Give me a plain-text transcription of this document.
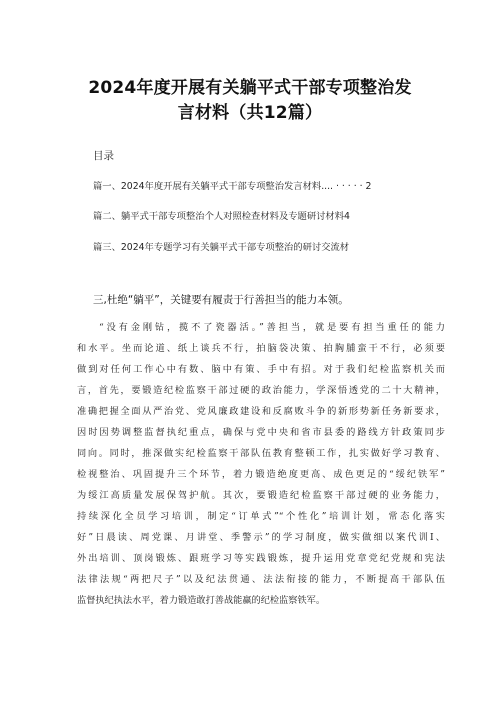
2024年度开展有关躺平式干部专项整治发
言材料（共12篇）
目录
篇一、2024年度开展有关躺平式干部专项整治发言材料.... · · · · · 2
篇二、躺平式干部专项整治个人对照检查材料及专题研讨材料4
篇三、2024年专题学习有关躺平式干部专项整治的研讨交流材
三,杜绝“躺平”，关键要有履责于行善担当的能力本领。
“没有金刚钻，揽不了瓷器活。”善担当，就是要有担当重任的能力
和水平。坐而论道、纸上谈兵不行，拍脑袋决策、拍胸脯蛮干不行，必须要
做到对任何工作心中有数、脑中有策、手中有招。对于我们纪检监察机关而
言，首先，要锻造纪检监察干部过硬的政治能力，学深悟透党的二十大精神，
准确把握全面从严治党、党风廉政建设和反腐败斗争的新形势新任务新要求，
因时因势调整监督执纪重点，确保与党中央和省市县委的路线方针政策同步
同向。同时，推深做实纪检监察干部队伍教育整顿工作，扎实做好学习教育、
检视整治、巩固提升三个环节，着力锻造绝度更高、成色更足的“绥纪铁军”
为绥江高质量发展保驾护航。其次，要锻造纪检监察干部过硬的业务能力，
持续深化全员学习培训，制定“订单式”“个性化”培训计划，常态化落实
好”日晨读、周党课、月讲堂、季警示”的学习制度，做实做细以案代训I、
外出培训、顶岗锻炼、跟班学习等实践锻炼，提升运用党章党纪党规和宪法
法律法规“两把尺子”以及纪法贯通、法法衔接的能力，不断提高干部队伍
监督执纪执法水平，着力锻造敢打善战能赢的纪检监察铁军。
